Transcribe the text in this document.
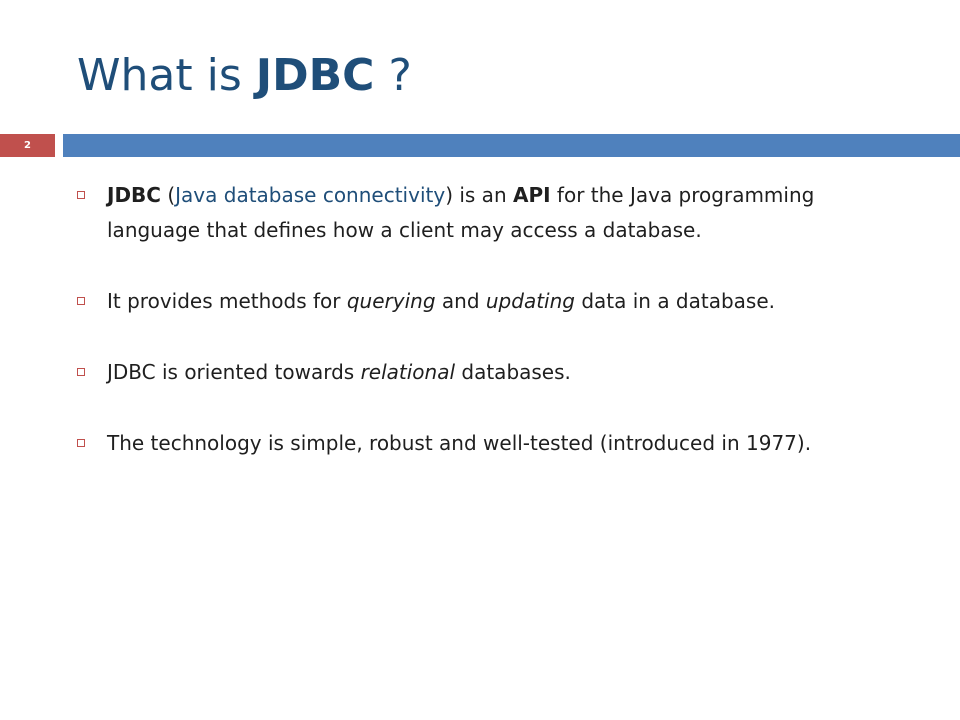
What is JDBC ?
2
JDBC (Java database connectivity) is an API for the Java programming language that defines how a client may access a database.
It provides methods for querying and updating data in a database.
JDBC is oriented towards relational databases.
The technology is simple, robust and well-tested (introduced in 1977).
